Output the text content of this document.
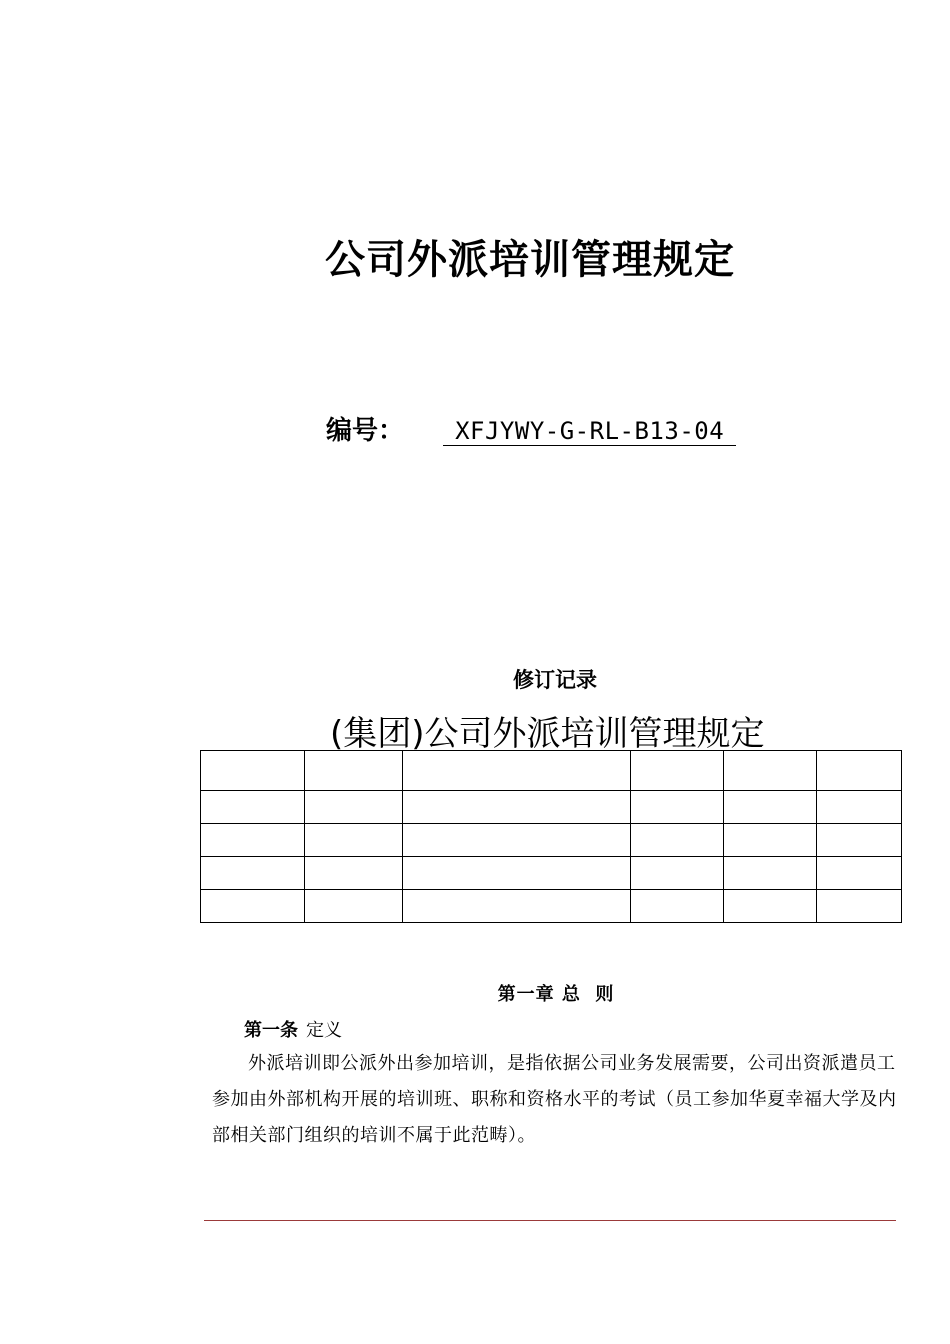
公司外派培训管理规定
编号： XFJYWY-G-RL-B13-04
修订记录
(集团)公司外派培训管理规定

第一章 总  则
第一条 定义
外派培训即公派外出参加培训，是指依据公司业务发展需要，公司出资派遣员工参加由外部机构开展的培训班、职称和资格水平的考试（员工参加华夏幸福大学及内部相关部门组织的培训不属于此范畴）。
